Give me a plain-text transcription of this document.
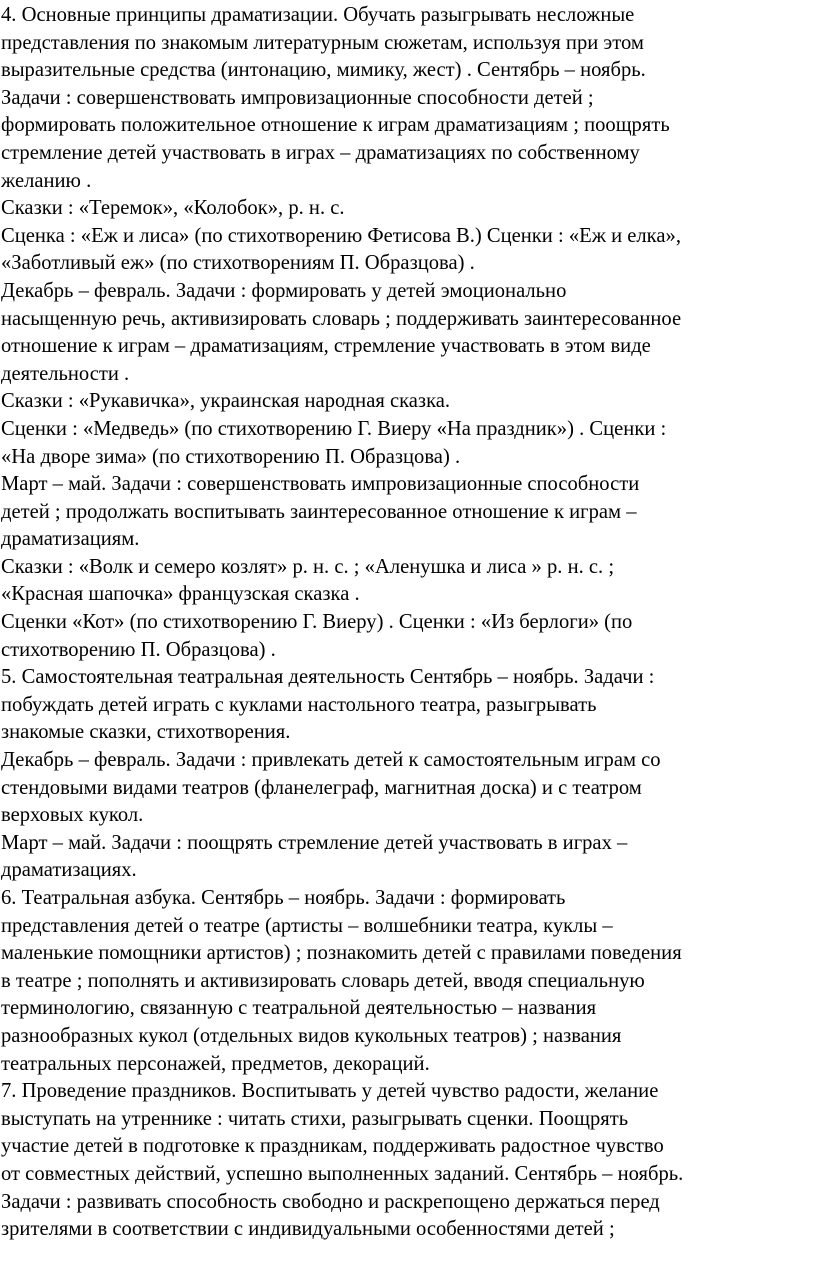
4. Основные принципы драматизации. Обучать разыгрывать несложные
представления по знакомым литературным сюжетам, используя при этом
выразительные средства (интонацию, мимику, жест) . Сентябрь – ноябрь.
Задачи : совершенствовать импровизационные способности детей ;
формировать положительное отношение к играм драматизациям ; поощрять
стремление детей участвовать в играх – драматизациях по собственному
желанию .
Сказки : «Теремок», «Колобок», р. н. с.
Сценка : «Еж и лиса» (по стихотворению Фетисова В.) Сценки : «Еж и елка»,
«Заботливый еж» (по стихотворениям П. Образцова) .
Декабрь – февраль. Задачи : формировать у детей эмоционально
насыщенную речь, активизировать словарь ; поддерживать заинтересованное
отношение к играм – драматизациям, стремление участвовать в этом виде
деятельности .
Сказки : «Рукавичка», украинская народная сказка.
Сценки : «Медведь» (по стихотворению Г. Виеру «На праздник») . Сценки :
«На дворе зима» (по стихотворению П. Образцова) .
Март – май. Задачи : совершенствовать импровизационные способности
детей ; продолжать воспитывать заинтересованное отношение к играм –
драматизациям.
Сказки : «Волк и семеро козлят» р. н. с. ; «Аленушка и лиса » р. н. с. ;
«Красная шапочка» французская сказка .
Сценки «Кот» (по стихотворению Г. Виеру) . Сценки : «Из берлоги» (по
стихотворению П. Образцова) .
5. Самостоятельная театральная деятельность Сентябрь – ноябрь. Задачи :
побуждать детей играть с куклами настольного театра, разыгрывать
знакомые сказки, стихотворения.
Декабрь – февраль. Задачи : привлекать детей к самостоятельным играм со
стендовыми видами театров (фланелеграф, магнитная доска) и с театром
верховых кукол.
Март – май. Задачи : поощрять стремление детей участвовать в играх –
драматизациях.
6. Театральная азбука. Сентябрь – ноябрь. Задачи : формировать
представления детей о театре (артисты – волшебники театра, куклы –
маленькие помощники артистов) ; познакомить детей с правилами поведения
в театре ; пополнять и активизировать словарь детей, вводя специальную
терминологию, связанную с театральной деятельностью – названия
разнообразных кукол (отдельных видов кукольных театров) ; названия
театральных персонажей, предметов, декораций.
7. Проведение праздников. Воспитывать у детей чувство радости, желание
выступать на утреннике : читать стихи, разыгрывать сценки. Поощрять
участие детей в подготовке к праздникам, поддерживать радостное чувство
от совместных действий, успешно выполненных заданий. Сентябрь – ноябрь.
Задачи : развивать способность свободно и раскрепощено держаться перед
зрителями в соответствии с индивидуальными особенностями детей ;
